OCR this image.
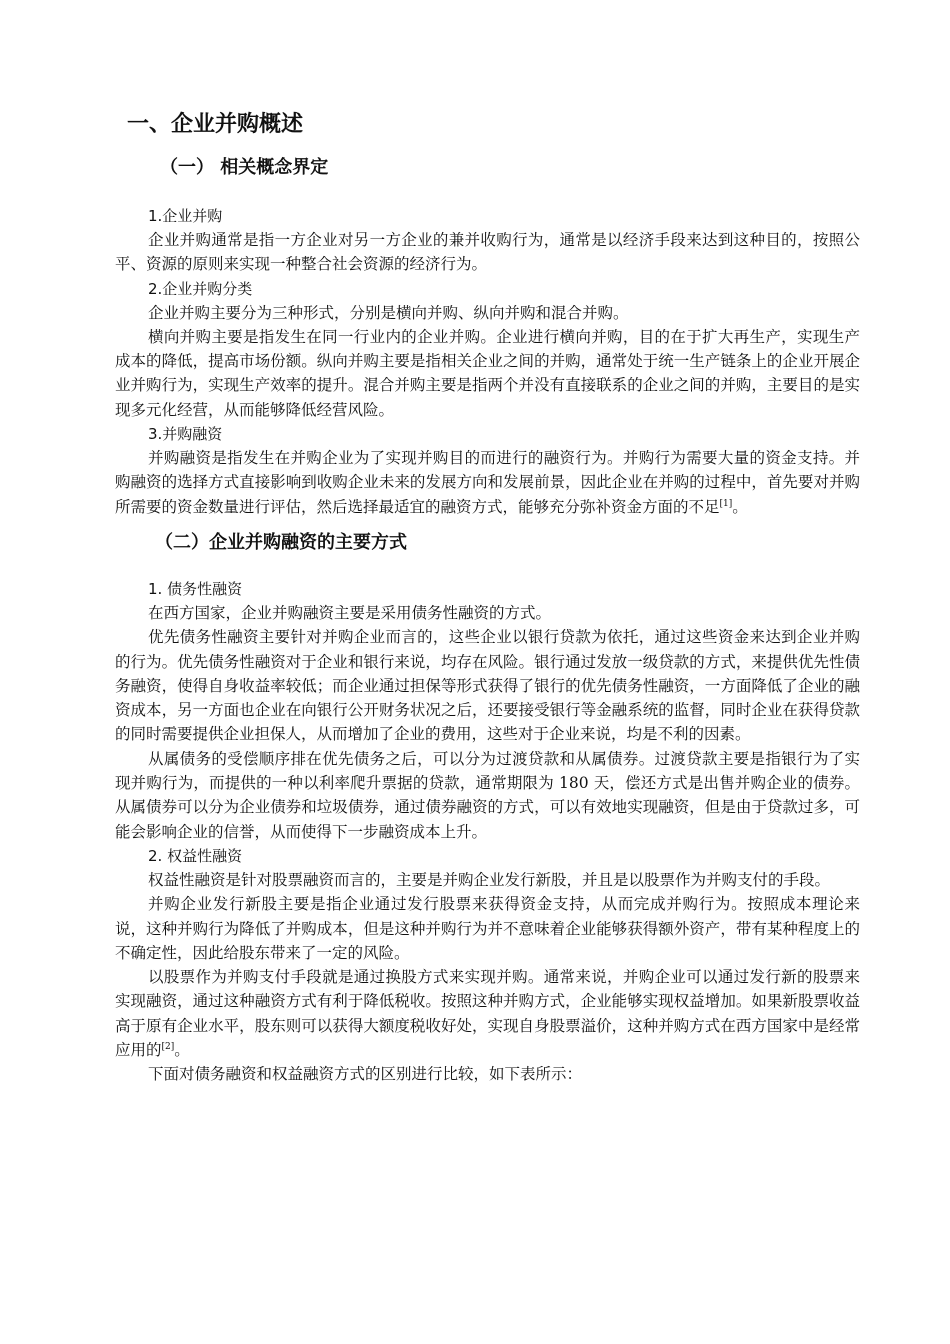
一、企业并购概述
（一） 相关概念界定
1.企业并购

企业并购通常是指一方企业对另一方企业的兼并收购行为，通常是以经济手段来达到这种目的，按照公平、资源的原则来实现一种整合社会资源的经济行为。

2.企业并购分类

企业并购主要分为三种形式，分别是横向并购、纵向并购和混合并购。

横向并购主要是指发生在同一行业内的企业并购。企业进行横向并购，目的在于扩大再生产，实现生产成本的降低，提高市场份额。纵向并购主要是指相关企业之间的并购，通常处于统一生产链条上的企业开展企业并购行为，实现生产效率的提升。混合并购主要是指两个并没有直接联系的企业之间的并购，主要目的是实现多元化经营，从而能够降低经营风险。

3.并购融资

并购融资是指发生在并购企业为了实现并购目的而进行的融资行为。并购行为需要大量的资金支持。并购融资的选择方式直接影响到收购企业未来的发展方向和发展前景，因此企业在并购的过程中，首先要对并购所需要的资金数量进行评估，然后选择最适宜的融资方式，能够充分弥补资金方面的不足[1]。

（二）企业并购融资的主要方式
1. 债务性融资

在西方国家，企业并购融资主要是采用债务性融资的方式。

优先债务性融资主要针对并购企业而言的，这些企业以银行贷款为依托，通过这些资金来达到企业并购的行为。优先债务性融资对于企业和银行来说，均存在风险。银行通过发放一级贷款的方式，来提供优先性债务融资，使得自身收益率较低；而企业通过担保等形式获得了银行的优先债务性融资，一方面降低了企业的融资成本，另一方面也企业在向银行公开财务状况之后，还要接受银行等金融系统的监督，同时企业在获得贷款的同时需要提供企业担保人，从而增加了企业的费用，这些对于企业来说，均是不利的因素。

从属债务的受偿顺序排在优先债务之后，可以分为过渡贷款和从属债券。过渡贷款主要是指银行为了实现并购行为，而提供的一种以利率爬升票据的贷款，通常期限为 180 天，偿还方式是出售并购企业的债券。从属债券可以分为企业债券和垃圾债券，通过债券融资的方式，可以有效地实现融资，但是由于贷款过多，可能会影响企业的信誉，从而使得下一步融资成本上升。

2. 权益性融资

权益性融资是针对股票融资而言的，主要是并购企业发行新股，并且是以股票作为并购支付的手段。

并购企业发行新股主要是指企业通过发行股票来获得资金支持，从而完成并购行为。按照成本理论来说，这种并购行为降低了并购成本，但是这种并购行为并不意味着企业能够获得额外资产，带有某种程度上的不确定性，因此给股东带来了一定的风险。

以股票作为并购支付手段就是通过换股方式来实现并购。通常来说，并购企业可以通过发行新的股票来实现融资，通过这种融资方式有利于降低税收。按照这种并购方式，企业能够实现权益增加。如果新股票收益高于原有企业水平，股东则可以获得大额度税收好处，实现自身股票溢价，这种并购方式在西方国家中是经常应用的[2]。

下面对债务融资和权益融资方式的区别进行比较，如下表所示：
